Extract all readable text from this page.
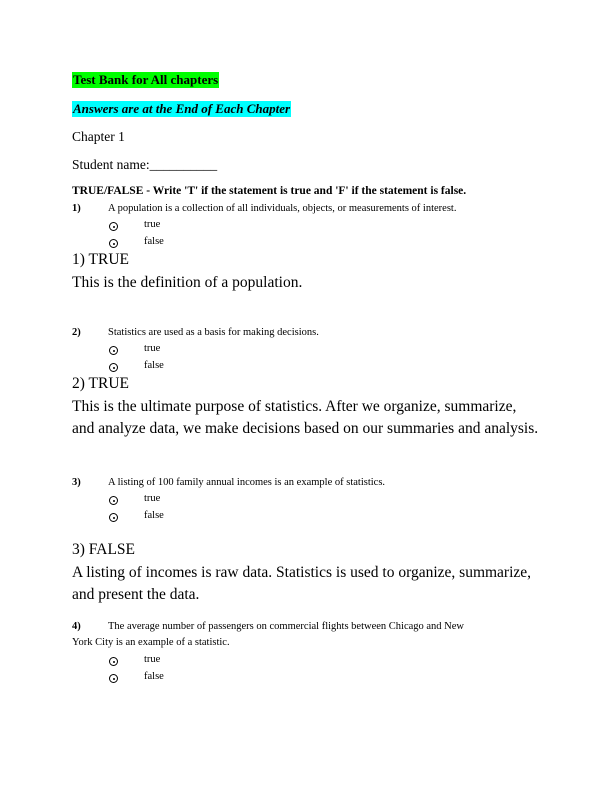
Test Bank for All chapters
Answers are at the End of Each Chapter
Chapter 1
Student name:__________
TRUE/FALSE - Write 'T' if the statement is true and 'F' if the statement is false.
1)	A population is a collection of all individuals, objects, or measurements of interest.
true
false
1) TRUE
This is the definition of a population.
2)	Statistics are used as a basis for making decisions.
true
false
2) TRUE
This is the ultimate purpose of statistics. After we organize, summarize, and analyze data, we make decisions based on our summaries and analysis.
3)	A listing of 100 family annual incomes is an example of statistics.
true
false
3) FALSE
A listing of incomes is raw data. Statistics is used to organize, summarize, and present the data.
4)	The average number of passengers on commercial flights between Chicago and New
York City is an example of a statistic.
true
false
